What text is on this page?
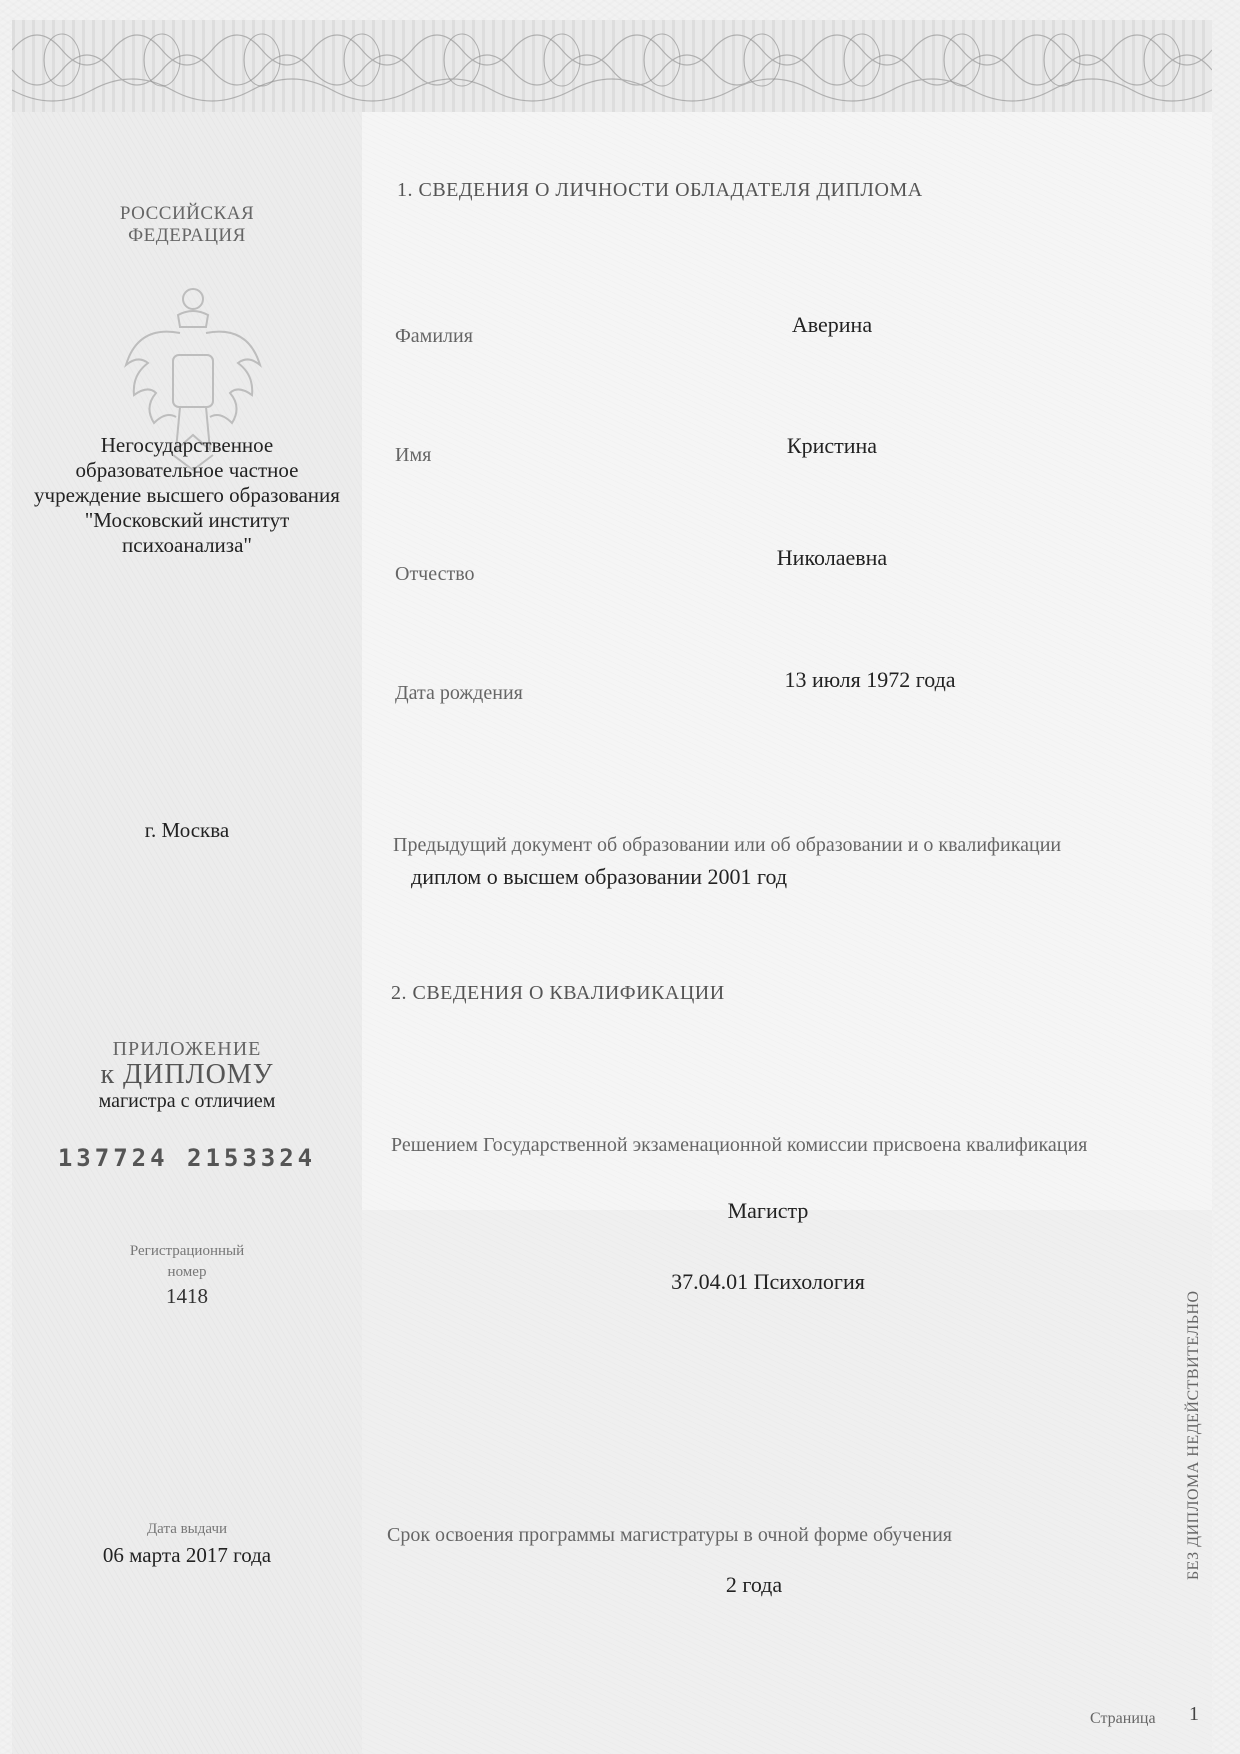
РОССИЙСКАЯ
ФЕДЕРАЦИЯ
Негосударственное
образовательное частное
учреждение высшего образования
"Московский институт
психоанализа"
г. Москва
ПРИЛОЖЕНИЕ
к ДИПЛОМУ
магистра с отличием
137724 2153324
Регистрационный
номер
1418
Дата выдачи
06 марта 2017 года
1. СВЕДЕНИЯ О ЛИЧНОСТИ ОБЛАДАТЕЛЯ ДИПЛОМА
Фамилия	Аверина
Имя	Кристина
Отчество
Николаевна
Дата рождения
13 июля 1972 года
Предыдущий документ об образовании или об образовании и о квалификации
диплом о высшем образовании 2001 год
2. СВЕДЕНИЯ О КВАЛИФИКАЦИИ
Решением Государственной экзаменационной комиссии присвоена квалификация
Магистр
37.04.01 Психология
Срок освоения программы магистратуры в очной форме обучения
2 года
БЕЗ ДИПЛОМА НЕДЕЙСТВИТЕЛЬНО
Страница 1
